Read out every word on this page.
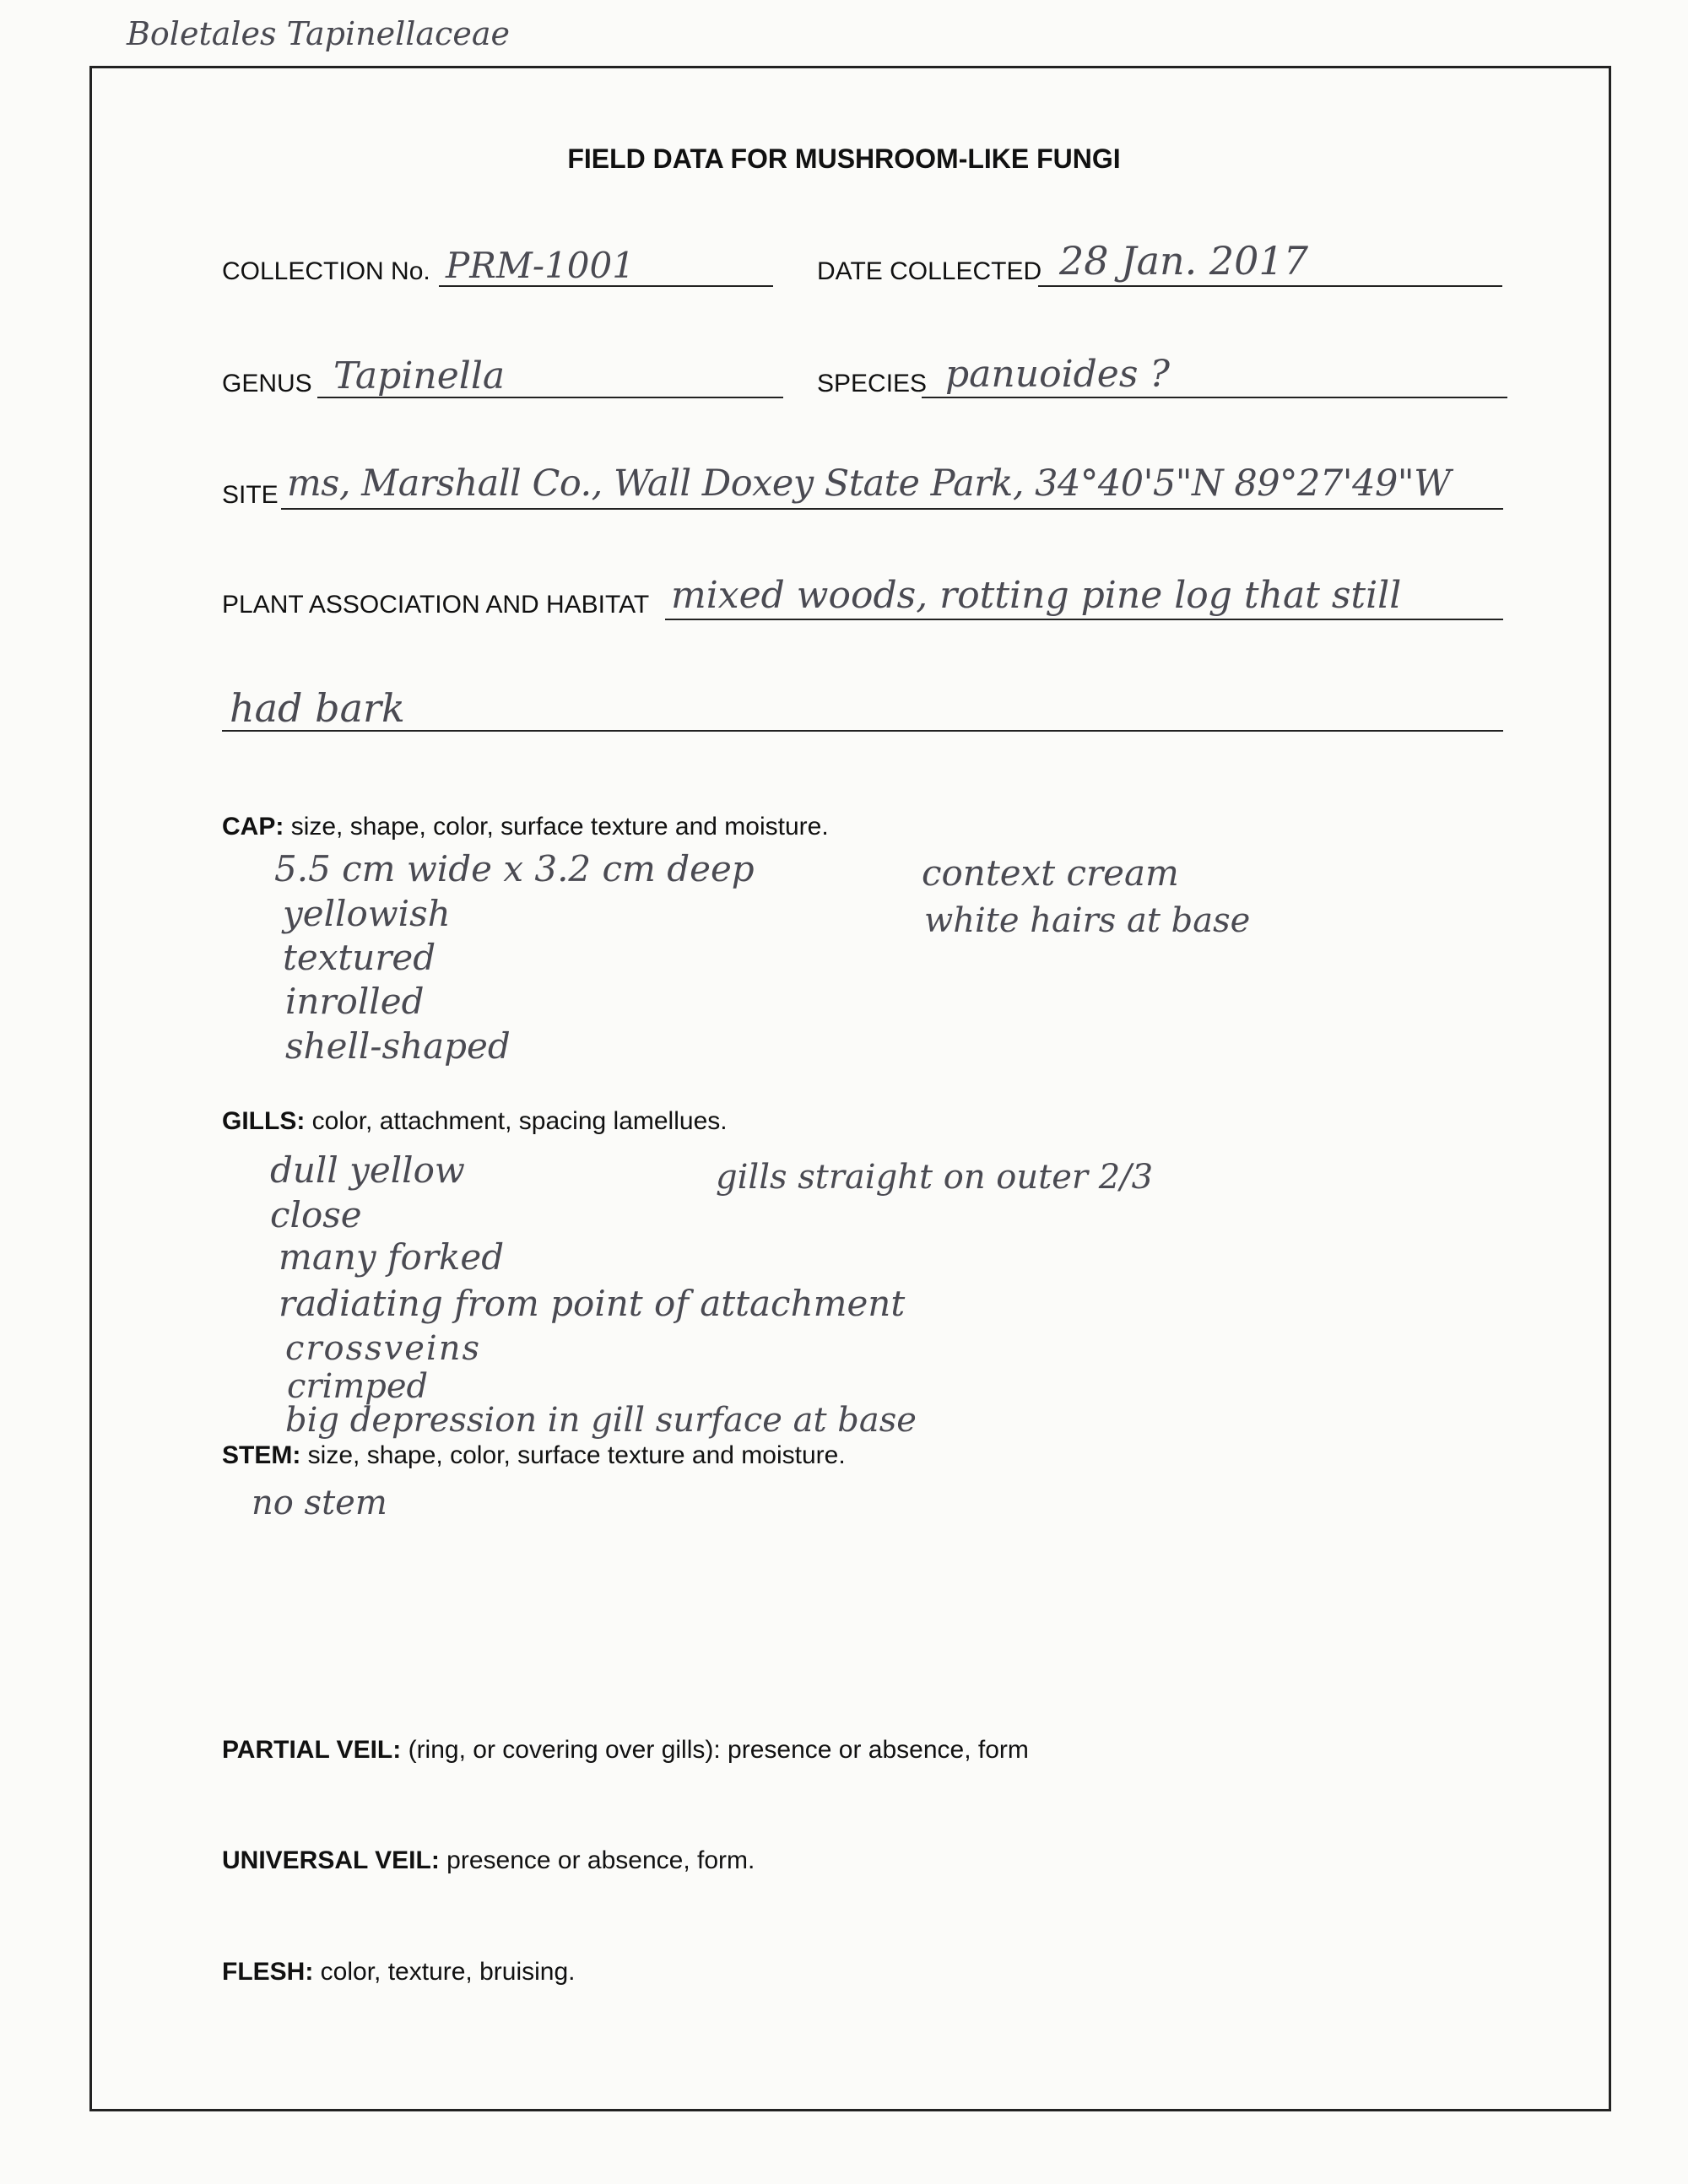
Boletales Tapinellaceae
FIELD DATA FOR MUSHROOM-LIKE FUNGI
COLLECTION No. PRM-1001	DATE COLLECTED 28 Jan. 2017
GENUS Tapinella	SPECIES panuoides ?
SITE ms, Marshall Co., Wall Doxey State Park, 34°40'5"N 89°27'49"W
PLANT ASSOCIATION AND HABITAT mixed woods, rotting pine log that still
had bark
CAP: size, shape, color, surface texture and moisture.
5.5 cm wide x 3.2 cm deep
yellowish
textured
inrolled
shell-shaped
context cream
white hairs at base
GILLS: color, attachment, spacing lamellues.
dull yellow
close
many forked
radiating from point of attachment
crossveins
crimped
big depression in gill surface at base
gills straight on outer 2/3
STEM: size, shape, color, surface texture and moisture.
no stem
PARTIAL VEIL: (ring, or covering over gills): presence or absence, form
UNIVERSAL VEIL: presence or absence, form.
FLESH: color, texture, bruising.
